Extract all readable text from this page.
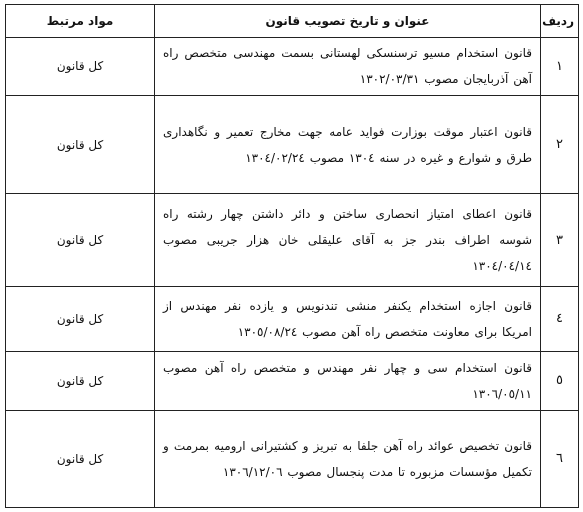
ردیف	عنوان و تاریخ تصویب قانون	مواد مرتبط
١	قانون استخدام مسیو ترسنسکی لهستانی بسمت مهندسی متخصص راه آهن آذربایجان مصوب ١٣٠٢/٠٣/٣١	کل قانون
٢	قانون اعتبار موقت بوزارت فواید عامه جهت مخارج تعمیر و نگاهداری طرق و شوارع و غیره در سنه ١٣٠٤ مصوب ١٣٠٤/٠٢/٢٤	کل قانون
٣	قانون اعطای امتیاز انحصاری ساختن و دائر داشتن چهار رشته راه شوسه اطراف بندر جز به آقای علیقلی خان هزار جریبی مصوب ١٣٠٤/٠٤/١٤	کل قانون
٤	قانون اجازه استخدام یکنفر منشی تندنویس و یازده نفر مهندس از امریکا برای معاونت متخصص راه آهن مصوب ١٣٠٥/٠٨/٢٤	کل قانون
٥	قانون استخدام سی و چهار نفر مهندس و متخصص راه آهن مصوب ١٣٠٦/٠٥/١١	کل قانون
٦	قانون تخصیص عوائد راه آهن جلفا به تبریز و کشتیرانی ارومیه بمرمت و تکمیل مؤسسات مزبوره تا مدت پنجسال مصوب ١٣٠٦/١٢/٠٦	کل قانون
